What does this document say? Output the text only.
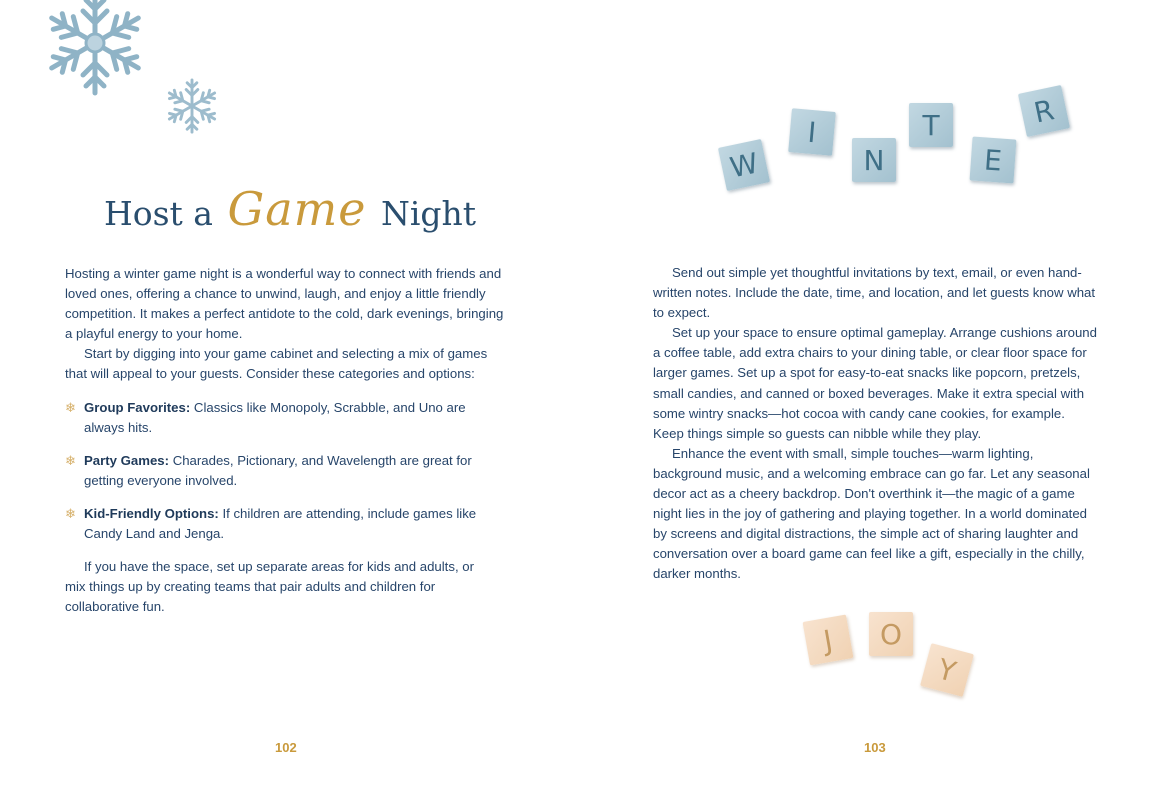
Host a Game Night

Hosting a winter game night is a wonderful way to connect with friends and loved ones, offering a chance to unwind, laugh, and enjoy a little friendly competition. It makes a perfect antidote to the cold, dark evenings, bringing a playful energy to your home.

Start by digging into your game cabinet and selecting a mix of games that will appeal to your guests. Consider these categories and options:

❄ Group Favorites: Classics like Monopoly, Scrabble, and Uno are always hits.
❄ Party Games: Charades, Pictionary, and Wavelength are great for getting everyone involved.
❄ Kid-Friendly Options: If children are attending, include games like Candy Land and Jenga.

If you have the space, set up separate areas for kids and adults, or mix things up by creating teams that pair adults and children for collaborative fun.

102
W
I
N
T
E
R

Send out simple yet thoughtful invitations by text, email, or even hand-written notes. Include the date, time, and location, and let guests know what to expect.

Set up your space to ensure optimal gameplay. Arrange cushions around a coffee table, add extra chairs to your dining table, or clear floor space for larger games. Set up a spot for easy-to-eat snacks like popcorn, pretzels, small candies, and canned or boxed beverages. Make it extra special with some wintry snacks—hot cocoa with candy cane cookies, for example. Keep things simple so guests can nibble while they play.

Enhance the event with small, simple touches—warm lighting, background music, and a welcoming embrace can go far. Let any seasonal decor act as a cheery backdrop. Don't overthink it—the magic of a game night lies in the joy of gathering and playing together. In a world dominated by screens and digital distractions, the simple act of sharing laughter and conversation over a board game can feel like a gift, especially in the chilly, darker months.

J	O
Y
103
